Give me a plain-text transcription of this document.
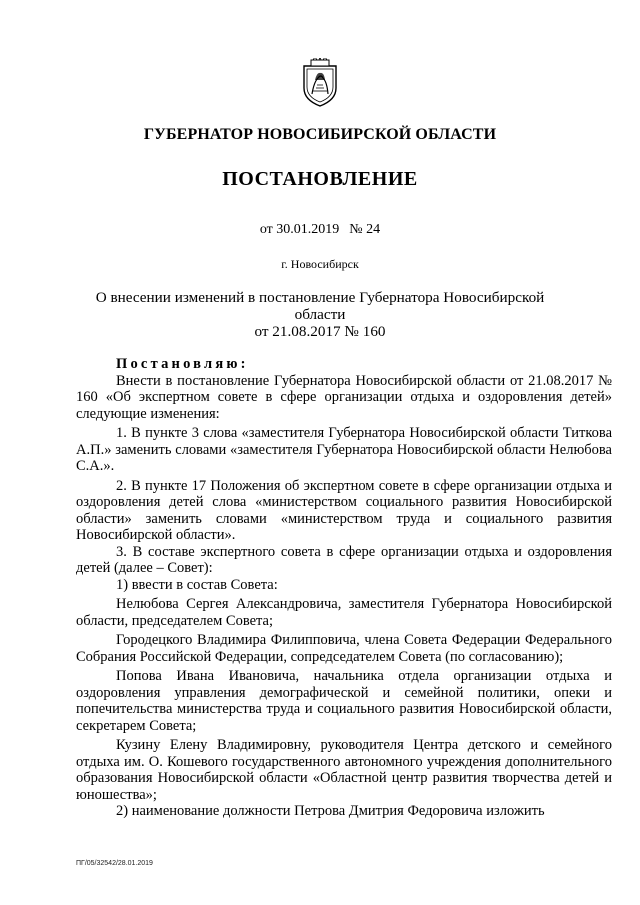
ГУБЕРНАТОР НОВОСИБИРСКОЙ ОБЛАСТИ
ПОСТАНОВЛЕНИЕ
от 30.01.2019 № 24
г. Новосибирск
О внесении изменений в постановление Губернатора Новосибирской области
от 21.08.2017 № 160

Постановляю:

Внести в постановление Губернатора Новосибирской области от 21.08.2017 № 160 «Об экспертном совете в сфере организации отдыха и оздоровления детей» следующие изменения:

1. В пункте 3 слова «заместителя Губернатора Новосибирской области Титкова А.П.» заменить словами «заместителя Губернатора Новосибирской области Нелюбова С.А.».

2. В пункте 17 Положения об экспертном совете в сфере организации отдыха и оздоровления детей слова «министерством социального развития Новосибирской области» заменить словами «министерством труда и социального развития Новосибирской области».

3. В составе экспертного совета в сфере организации отдыха и оздоровления детей (далее – Совет):

1) ввести в состав Совета:

Нелюбова Сергея Александровича, заместителя Губернатора Новосибирской области, председателем Совета;

Городецкого Владимира Филипповича, члена Совета Федерации Федерального Собрания Российской Федерации, сопредседателем Совета (по согласованию);

Попова Ивана Ивановича, начальника отдела организации отдыха и оздоровления управления демографической и семейной политики, опеки и попечительства министерства труда и социального развития Новосибирской области, секретарем Совета;

Кузину Елену Владимировну, руководителя Центра детского и семейного отдыха им. О. Кошевого государственного автономного учреждения дополнительного образования Новосибирской области «Областной центр развития творчества детей и юношества»;

2) наименование должности Петрова Дмитрия Федоровича изложить

ПГ/05/32542/28.01.2019
